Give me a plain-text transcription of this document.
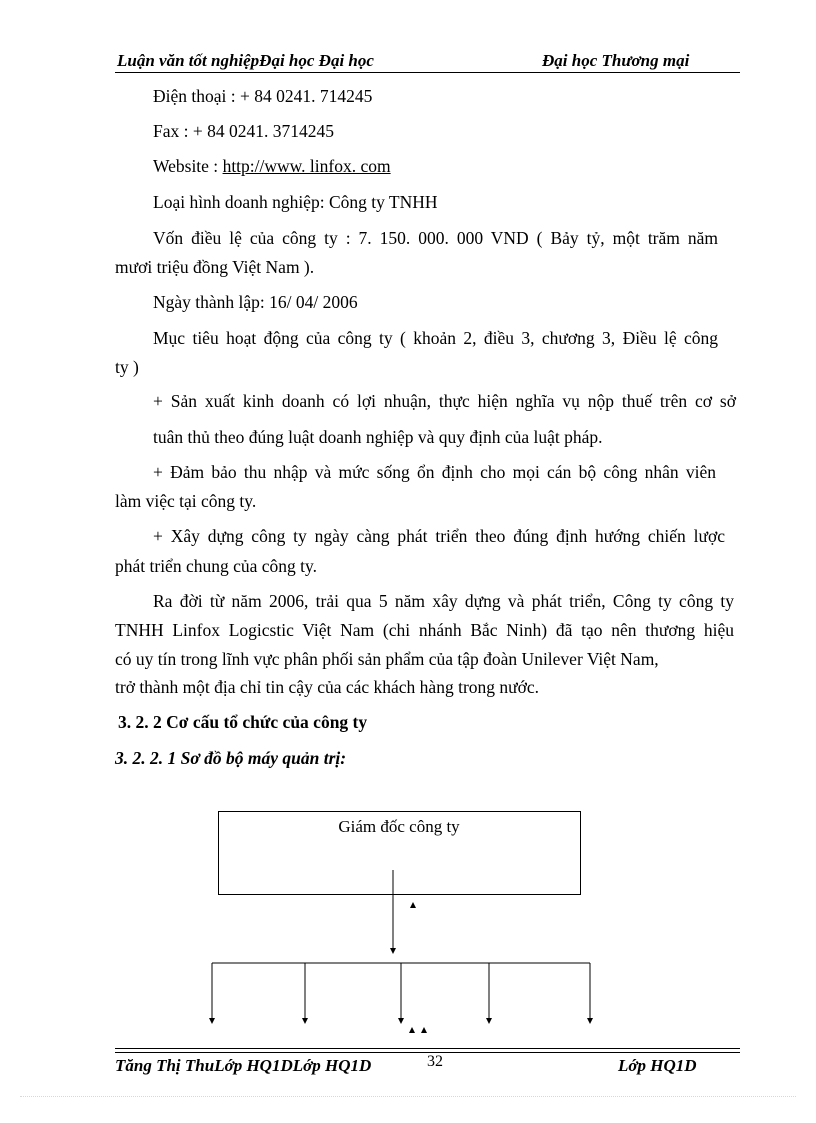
Luận văn tốt nghiệpĐại học Đại học	Đại học Thương mại
Điện thoại : + 84 0241. 714245
Fax : + 84 0241. 3714245
Website : http://www. linfox. com
Loại hình doanh nghiệp: Công ty TNHH
Vốn điều lệ của công ty : 7. 150. 000. 000 VND ( Bảy tỷ, một trăm năm
mươi triệu đồng Việt Nam ).
Ngày thành lập: 16/ 04/ 2006
Mục tiêu hoạt động của công ty ( khoản 2, điều 3, chương 3, Điều lệ công
ty )
+ Sản xuất kinh doanh có lợi nhuận, thực hiện nghĩa vụ nộp thuế trên cơ sở
tuân thủ theo đúng luật doanh nghiệp và quy định của luật pháp.
+ Đảm bảo thu nhập và mức sống ổn định cho mọi cán bộ công nhân viên
làm việc tại công ty.
+ Xây dựng công ty ngày càng phát triển theo đúng định hướng chiến lược
phát triển chung của công ty.
Ra đời từ năm 2006, trải qua 5 năm xây dựng và phát triển, Công ty công ty
TNHH Linfox Logicstic Việt Nam (chi nhánh Bắc Ninh) đã tạo nên thương hiệu
có uy tín trong lĩnh vực phân phối sản phẩm của tập đoàn Unilever Việt Nam,
trở thành một địa chỉ tin cậy của các khách hàng trong nước.
3. 2. 2 Cơ cấu tổ chức của công ty
3. 2. 2. 1 Sơ đồ bộ máy quản trị:
Giám đốc công ty
Tăng Thị ThuLớp HQ1DLớp HQ1D	32	Lớp HQ1D
